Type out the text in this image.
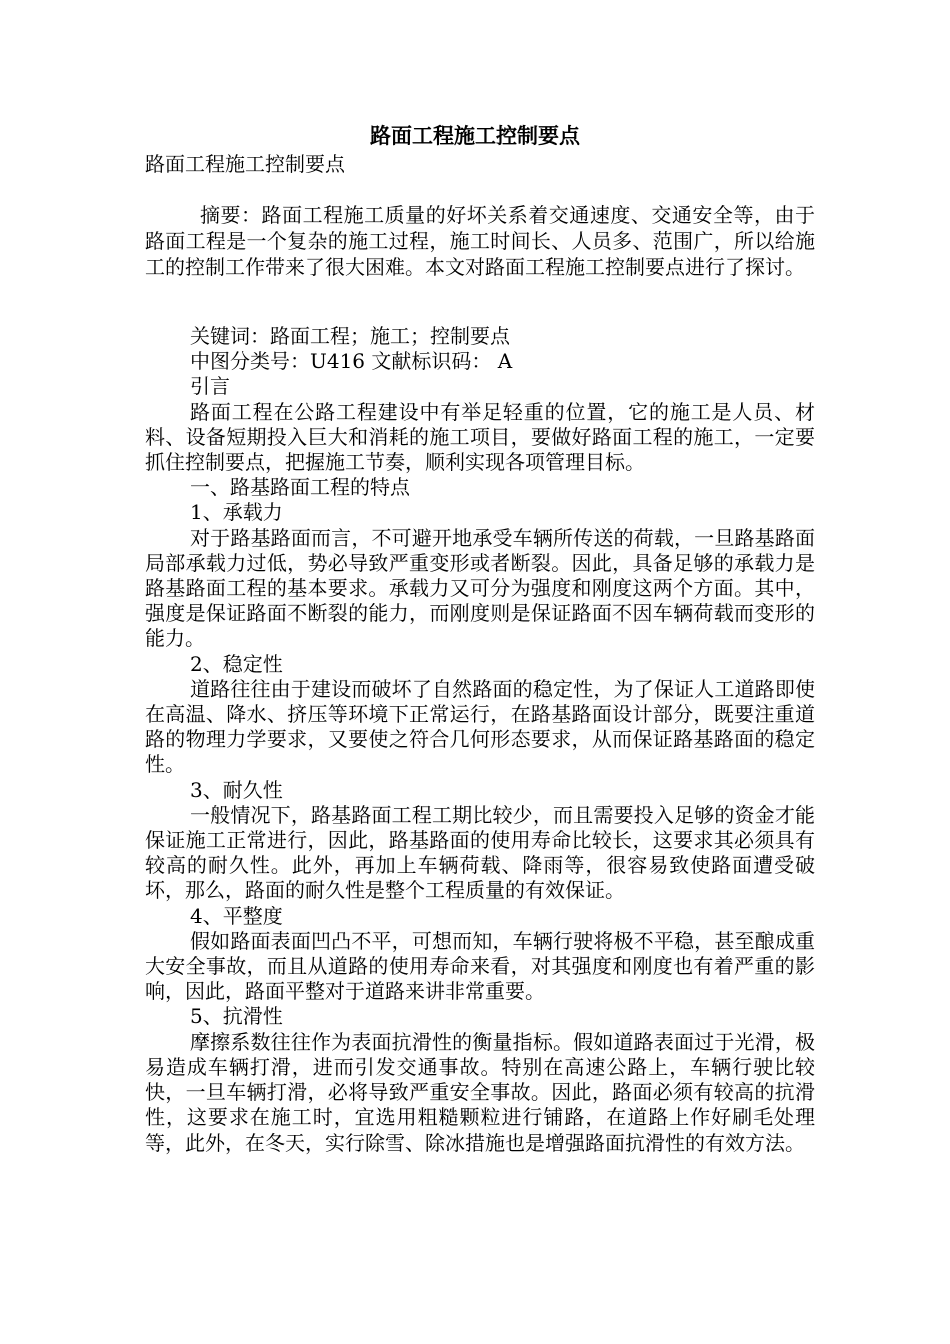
路面工程施工控制要点
路面工程施工控制要点
摘要：路面工程施工质量的好坏关系着交通速度、交通安全等，由于路面工程是一个复杂的施工过程，施工时间长、人员多、范围广，所以给施工的控制工作带来了很大困难。本文对路面工程施工控制要点进行了探讨。

关键词：路面工程；施工；控制要点

中图分类号：U416 文献标识码： A

引言

路面工程在公路工程建设中有举足轻重的位置，它的施工是人员、材料、设备短期投入巨大和消耗的施工项目，要做好路面工程的施工，一定要抓住控制要点，把握施工节奏，顺利实现各项管理目标。

一、路基路面工程的特点

1、承载力

对于路基路面而言，不可避开地承受车辆所传送的荷载，一旦路基路面局部承载力过低，势必导致严重变形或者断裂。因此，具备足够的承载力是路基路面工程的基本要求。承载力又可分为强度和刚度这两个方面。其中，强度是保证路面不断裂的能力，而刚度则是保证路面不因车辆荷载而变形的能力。

2、稳定性

道路往往由于建设而破坏了自然路面的稳定性，为了保证人工道路即使在高温、降水、挤压等环境下正常运行，在路基路面设计部分，既要注重道路的物理力学要求，又要使之符合几何形态要求，从而保证路基路面的稳定性。

3、耐久性

一般情况下，路基路面工程工期比较少，而且需要投入足够的资金才能保证施工正常进行，因此，路基路面的使用寿命比较长，这要求其必须具有较高的耐久性。此外，再加上车辆荷载、降雨等，很容易致使路面遭受破坏，那么，路面的耐久性是整个工程质量的有效保证。

4、平整度

假如路面表面凹凸不平，可想而知，车辆行驶将极不平稳，甚至酿成重大安全事故，而且从道路的使用寿命来看，对其强度和刚度也有着严重的影响，因此，路面平整对于道路来讲非常重要。

5、抗滑性

摩擦系数往往作为表面抗滑性的衡量指标。假如道路表面过于光滑，极易造成车辆打滑，进而引发交通事故。特别在高速公路上，车辆行驶比较快，一旦车辆打滑，必将导致严重安全事故。因此，路面必须有较高的抗滑性，这要求在施工时，宜选用粗糙颗粒进行铺路，在道路上作好刷毛处理等，此外，在冬天，实行除雪、除冰措施也是增强路面抗滑性的有效方法。
